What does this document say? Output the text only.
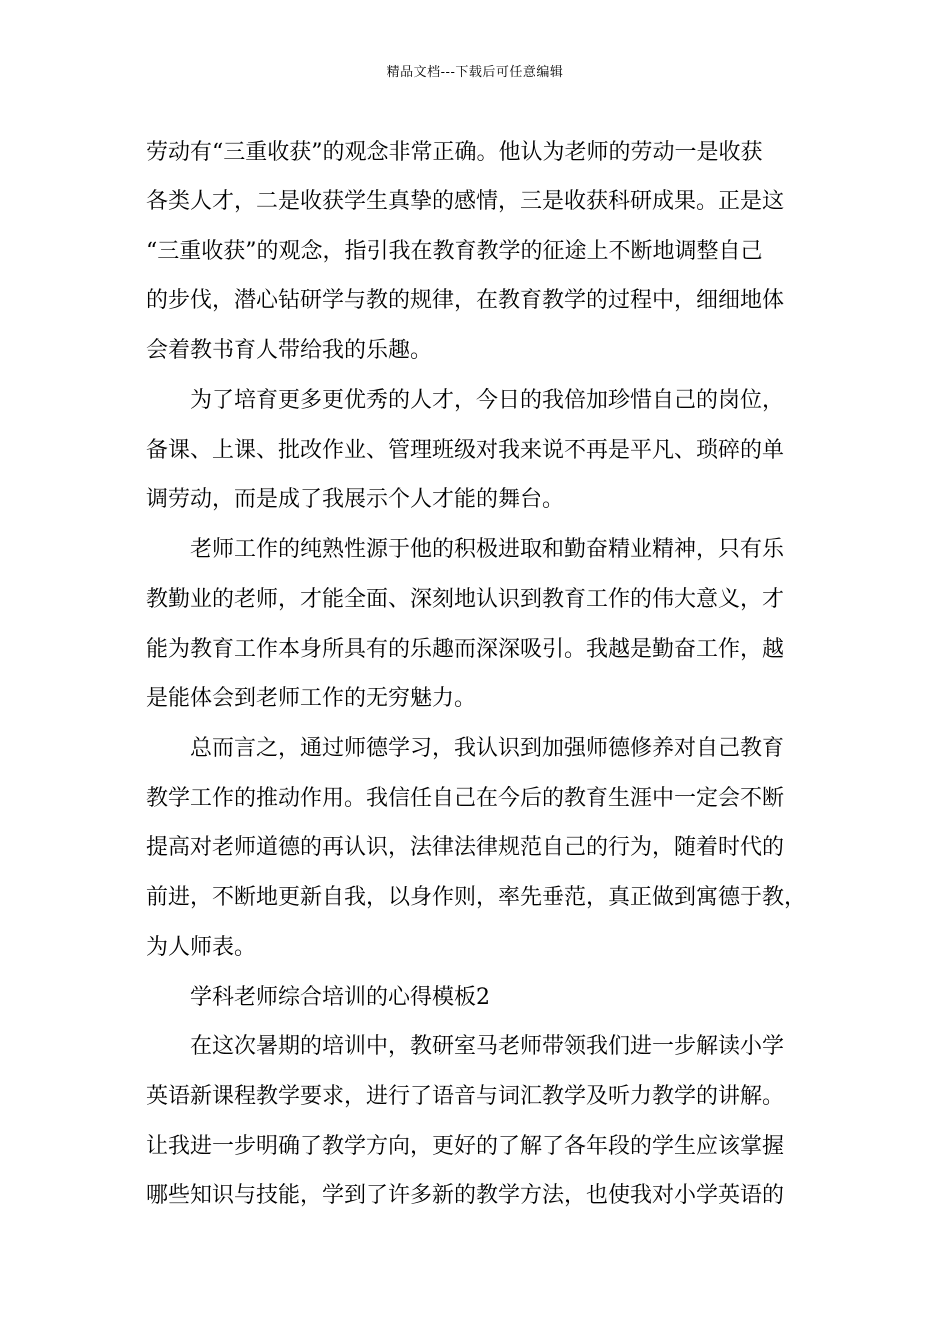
精品文档---下载后可任意编辑
劳动有“三重收获”的观念非常正确。他认为老师的劳动一是收获
各类人才，二是收获学生真挚的感情，三是收获科研成果。正是这
“三重收获”的观念，指引我在教育教学的征途上不断地调整自己
的步伐，潜心钻研学与教的规律，在教育教学的过程中，细细地体
会着教书育人带给我的乐趣。
为了培育更多更优秀的人才，今日的我倍加珍惜自己的岗位，
备课、上课、批改作业、管理班级对我来说不再是平凡、琐碎的单
调劳动，而是成了我展示个人才能的舞台。
老师工作的纯熟性源于他的积极进取和勤奋精业精神，只有乐
教勤业的老师，才能全面、深刻地认识到教育工作的伟大意义，才
能为教育工作本身所具有的乐趣而深深吸引。我越是勤奋工作，越
是能体会到老师工作的无穷魅力。
总而言之，通过师德学习，我认识到加强师德修养对自己教育
教学工作的推动作用。我信任自己在今后的教育生涯中一定会不断
提高对老师道德的再认识，法律法律规范自己的行为，随着时代的
前进，不断地更新自我，以身作则，率先垂范，真正做到寓德于教，
为人师表。
学科老师综合培训的心得模板2
在这次暑期的培训中，教研室马老师带领我们进一步解读小学
英语新课程教学要求，进行了语音与词汇教学及听力教学的讲解。
让我进一步明确了教学方向，更好的了解了各年段的学生应该掌握
哪些知识与技能，学到了许多新的教学方法，也使我对小学英语的
